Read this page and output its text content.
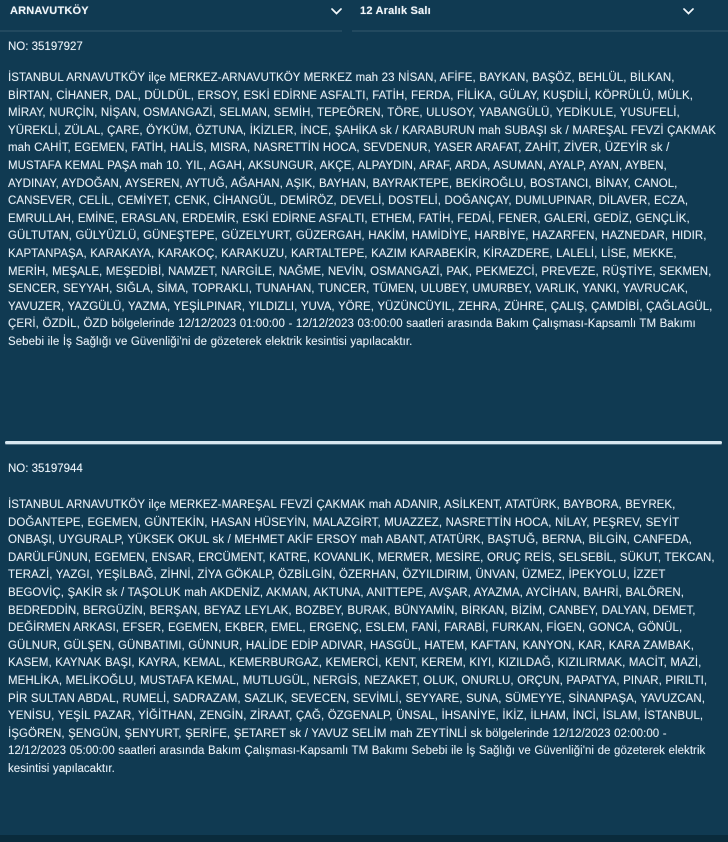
ARNAVUTKÖY	12 Aralık Salı
NO: 35197927
İSTANBUL ARNAVUTKÖY ilçe MERKEZ-ARNAVUTKÖY MERKEZ mah 23 NİSAN, AFİFE, BAYKAN, BAŞÖZ, BEHLÜL, BİLKAN, BİRTAN, CİHANER, DAL, DÜLDÜL, ERSOY, ESKİ EDİRNE ASFALTI, FATİH, FERDA, FİLİKA, GÜLAY, KUŞDİLİ, KÖPRÜLÜ, MÜLK, MİRAY, NURÇİN, NİŞAN, OSMANGAZİ, SELMAN, SEMİH, TEPEÖREN, TÖRE, ULUSOY, YABANGÜLÜ, YEDİKULE, YUSUFELİ, YÜREKLİ, ZÜLAL, ÇARE, ÖYKÜM, ÖZTUNA, İKİZLER, İNCE, ŞAHİKA sk / KARABURUN mah SUBAŞI sk / MAREŞAL FEVZİ ÇAKMAK mah CAHİT, EGEMEN, FATİH, HALİS, MISRA, NASRETTİN HOCA, SEVDENUR, YASER ARAFAT, ZAHİT, ZİVER, ÜZEYİR sk / MUSTAFA KEMAL PAŞA mah 10. YIL, AGAH, AKSUNGUR, AKÇE, ALPAYDIN, ARAF, ARDA, ASUMAN, AYALP, AYAN, AYBEN, AYDINAY, AYDOĞAN, AYSEREN, AYTUĞ, AĞAHAN, AŞIK, BAYHAN, BAYRAKTEPE, BEKİROĞLU, BOSTANCI, BİNAY, CANOL, CANSEVER, CELİL, CEMİYET, CENK, CİHANGÜL, DEMİRÖZ, DEVELİ, DOSTELİ, DOĞANÇAY, DUMLUPINAR, DİLAVER, ECZA, EMRULLAH, EMİNE, ERASLAN, ERDEMİR, ESKİ EDİRNE ASFALTI, ETHEM, FATİH, FEDAİ, FENER, GALERİ, GEDİZ, GENÇLİK, GÜLTUTAN, GÜLYÜZLÜ, GÜNEŞTEPE, GÜZELYURT, GÜZERGAH, HAKİM, HAMİDİYE, HARBİYE, HAZARFEN, HAZNEDAR, HIDIR, KAPTANPAŞA, KARAKAYA, KARAKOÇ, KARAKUZU, KARTALTEPE, KAZIM KARABEKİR, KİRAZDERE, LALELİ, LİSE, MEKKE, MERİH, MEŞALE, MEŞEDİBİ, NAMZET, NARGİLE, NAĞME, NEVİN, OSMANGAZİ, PAK, PEKMEZCİ, PREVEZE, RÜŞTİYE, SEKMEN, SENCER, SEYYAH, SIĞLA, SİMA, TOPRAKLI, TUNAHAN, TUNCER, TÜMEN, ULUBEY, UMURBEY, VARLIK, YANKI, YAVRUCAK, YAVUZER, YAZGÜLÜ, YAZMA, YEŞİLPINAR, YILDIZLI, YUVA, YÖRE, YÜZÜNCÜYIL, ZEHRA, ZÜHRE, ÇALIŞ, ÇAMDİBİ, ÇAĞLAGÜL, ÇERİ, ÖZDİL, ÖZD bölgelerinde 12/12/2023 01:00:00 - 12/12/2023 03:00:00 saatleri arasında Bakım Çalışması-Kapsamlı TM Bakımı Sebebi ile İş Sağlığı ve Güvenliği'ni de gözeterek elektrik kesintisi yapılacaktır.
NO: 35197944
İSTANBUL ARNAVUTKÖY ilçe MERKEZ-MAREŞAL FEVZİ ÇAKMAK mah ADANIR, ASİLKENT, ATATÜRK, BAYBORA, BEYREK, DOĞANTEPE, EGEMEN, GÜNTEKİN, HASAN HÜSEYİN, MALAZGİRT, MUAZZEZ, NASRETTİN HOCA, NİLAY, PEŞREV, SEYİT ONBAŞI, UYGURALP, YÜKSEK OKUL sk / MEHMET AKİF ERSOY mah ABANT, ATATÜRK, BAŞTUĞ, BERNA, BİLGİN, CANFEDA, DARÜLFÜNUN, EGEMEN, ENSAR, ERCÜMENT, KATRE, KOVANLIK, MERMER, MESİRE, ORUÇ REİS, SELSEBİL, SÜKUT, TEKCAN, TERAZİ, YAZGI, YEŞİLBAĞ, ZİHNİ, ZİYA GÖKALP, ÖZBİLGİN, ÖZERHAN, ÖZYILDIRIM, ÜNVAN, ÜZMEZ, İPEKYOLU, İZZET BEGOVİÇ, ŞAKİR sk / TAŞOLUK mah AKDENİZ, AKMAN, AKTUNA, ANITTEPE, AVŞAR, AYAZMA, AYCİHAN, BAHRİ, BALÖREN, BEDREDDİN, BERGÜZİN, BERŞAN, BEYAZ LEYLAK, BOZBEY, BURAK, BÜNYAMİN, BİRKAN, BİZİM, CANBEY, DALYAN, DEMET, DEĞİRMEN ARKASI, EFSER, EGEMEN, EKBER, EMEL, ERGENÇ, ESLEM, FANİ, FARABİ, FURKAN, FİGEN, GONCA, GÖNÜL, GÜLNUR, GÜLŞEN, GÜNBATIMI, GÜNNUR, HALİDE EDİP ADIVAR, HASGÜL, HATEM, KAFTAN, KANYON, KAR, KARA ZAMBAK, KASEM, KAYNAK BAŞI, KAYRA, KEMAL, KEMERBURGAZ, KEMERCİ, KENT, KEREM, KIYI, KIZILDAĞ, KIZILIRMAK, MACİT, MAZİ, MEHLİKA, MELİKOĞLU, MUSTAFA KEMAL, MUTLUGÜL, NERGİS, NEZAKET, OLUK, ONURLU, ORÇUN, PAPATYA, PINAR, PIRILTI, PİR SULTAN ABDAL, RUMELİ, SADRAZAM, SAZLIK, SEVECEN, SEVİMLİ, SEYYARE, SUNA, SÜMEYYE, SİNANPAŞA, YAVUZCAN, YENİSU, YEŞİL PAZAR, YİĞİTHAN, ZENGİN, ZİRAAT, ÇAĞ, ÖZGENALP, ÜNSAL, İHSANİYE, İKİZ, İLHAM, İNCİ, İSLAM, İSTANBUL, İŞGÖREN, ŞENGÜN, ŞENYURT, ŞERİFE, ŞETARET sk / YAVUZ SELİM mah ZEYTİNLİ sk bölgelerinde 12/12/2023 02:00:00 - 12/12/2023 05:00:00 saatleri arasında Bakım Çalışması-Kapsamlı TM Bakımı Sebebi ile İş Sağlığı ve Güvenliği'ni de gözeterek elektrik kesintisi yapılacaktır.
